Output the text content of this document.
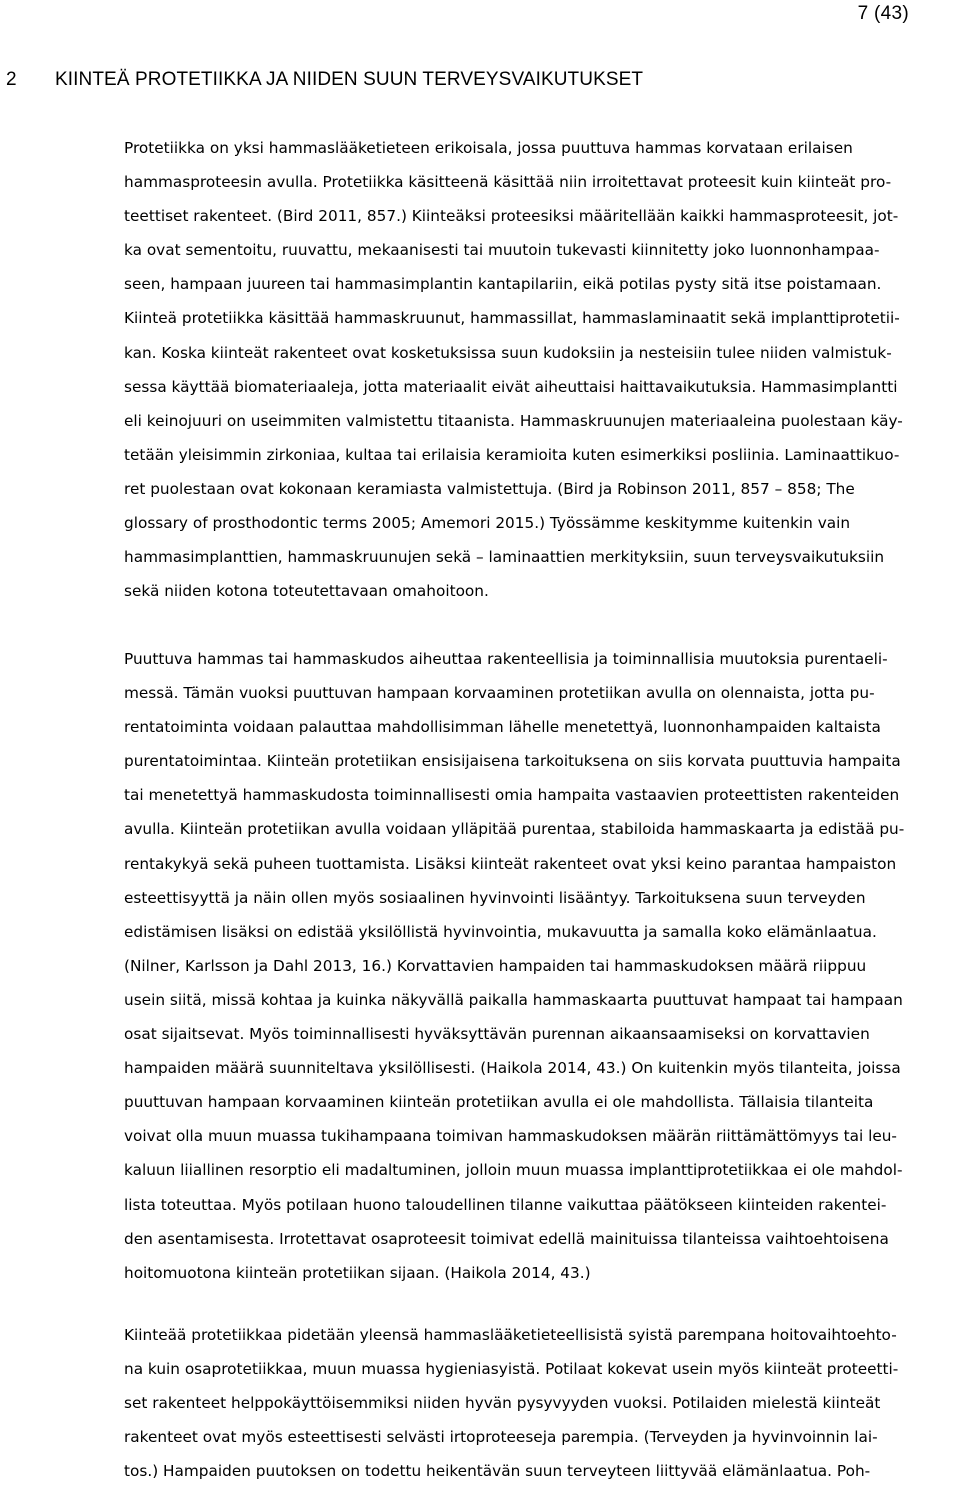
7 (43)
2 KIINTEÄ PROTETIIKKA JA NIIDEN SUUN TERVEYSVAIKUTUKSET
Protetiikka on yksi hammaslääketieteen erikoisala, jossa puuttuva hammas korvataan erilaisen
hammasproteesin avulla. Protetiikka käsitteenä käsittää niin irroitettavat proteesit kuin kiinteät pro-
teettiset rakenteet. (Bird 2011, 857.) Kiinteäksi proteesiksi määritellään kaikki hammasproteesit, jot-
ka ovat sementoitu, ruuvattu, mekaanisesti tai muutoin tukevasti kiinnitetty joko luonnonhampaa-
seen, hampaan juureen tai hammasimplantin kantapilariin, eikä potilas pysty sitä itse poistamaan.
Kiinteä protetiikka käsittää hammaskruunut, hammassillat, hammaslaminaatit sekä implanttiprotetii-
kan. Koska kiinteät rakenteet ovat kosketuksissa suun kudoksiin ja nesteisiin tulee niiden valmistuk-
sessa käyttää biomateriaaleja, jotta materiaalit eivät aiheuttaisi haittavaikutuksia. Hammasimplantti
eli keinojuuri on useimmiten valmistettu titaanista. Hammaskruunujen materiaaleina puolestaan käy-
tetään yleisimmin zirkoniaa, kultaa tai erilaisia keramioita kuten esimerkiksi posliinia. Laminaattikuo-
ret puolestaan ovat kokonaan keramiasta valmistettuja. (Bird ja Robinson 2011, 857 – 858; The
glossary of prosthodontic terms 2005; Amemori 2015.) Työssämme keskitymme kuitenkin vain
hammasimplanttien, hammaskruunujen sekä – laminaattien merkityksiin, suun terveysvaikutuksiin
sekä niiden kotona toteutettavaan omahoitoon.
Puuttuva hammas tai hammaskudos aiheuttaa rakenteellisia ja toiminnallisia muutoksia purentaeli-
messä. Tämän vuoksi puuttuvan hampaan korvaaminen protetiikan avulla on olennaista, jotta pu-
rentatoiminta voidaan palauttaa mahdollisimman lähelle menetettyä, luonnonhampaiden kaltaista
purentatoimintaa. Kiinteän protetiikan ensisijaisena tarkoituksena on siis korvata puuttuvia hampaita
tai menetettyä hammaskudosta toiminnallisesti omia hampaita vastaavien proteettisten rakenteiden
avulla. Kiinteän protetiikan avulla voidaan ylläpitää purentaa, stabiloida hammaskaarta ja edistää pu-
rentakykyä sekä puheen tuottamista. Lisäksi kiinteät rakenteet ovat yksi keino parantaa hampaiston
esteettisyyttä ja näin ollen myös sosiaalinen hyvinvointi lisääntyy. Tarkoituksena suun terveyden
edistämisen lisäksi on edistää yksilöllistä hyvinvointia, mukavuutta ja samalla koko elämänlaatua.
(Nilner, Karlsson ja Dahl 2013, 16.) Korvattavien hampaiden tai hammaskudoksen määrä riippuu
usein siitä, missä kohtaa ja kuinka näkyvällä paikalla hammaskaarta puuttuvat hampaat tai hampaan
osat sijaitsevat. Myös toiminnallisesti hyväksyttävän purennan aikaansaamiseksi on korvattavien
hampaiden määrä suunniteltava yksilöllisesti. (Haikola 2014, 43.) On kuitenkin myös tilanteita, joissa
puuttuvan hampaan korvaaminen kiinteän protetiikan avulla ei ole mahdollista. Tällaisia tilanteita
voivat olla muun muassa tukihampaana toimivan hammaskudoksen määrän riittämättömyys tai leu-
kaluun liiallinen resorptio eli madaltuminen, jolloin muun muassa implanttiprotetiikkaa ei ole mahdol-
lista toteuttaa. Myös potilaan huono taloudellinen tilanne vaikuttaa päätökseen kiinteiden rakentei-
den asentamisesta. Irrotettavat osaproteesit toimivat edellä mainituissa tilanteissa vaihtoehtoisena
hoitomuotona kiinteän protetiikan sijaan. (Haikola 2014, 43.)
Kiinteää protetiikkaa pidetään yleensä hammaslääketieteellisistä syistä parempana hoitovaihtoehto-
na kuin osaprotetiikkaa, muun muassa hygieniasyistä. Potilaat kokevat usein myös kiinteät proteetti-
set rakenteet helppokäyttöisemmiksi niiden hyvän pysyvyyden vuoksi. Potilaiden mielestä kiinteät
rakenteet ovat myös esteettisesti selvästi irtoproteeseja parempia. (Terveyden ja hyvinvoinnin lai-
tos.) Hampaiden puutoksen on todettu heikentävän suun terveyteen liittyvää elämänlaatua. Poh-
